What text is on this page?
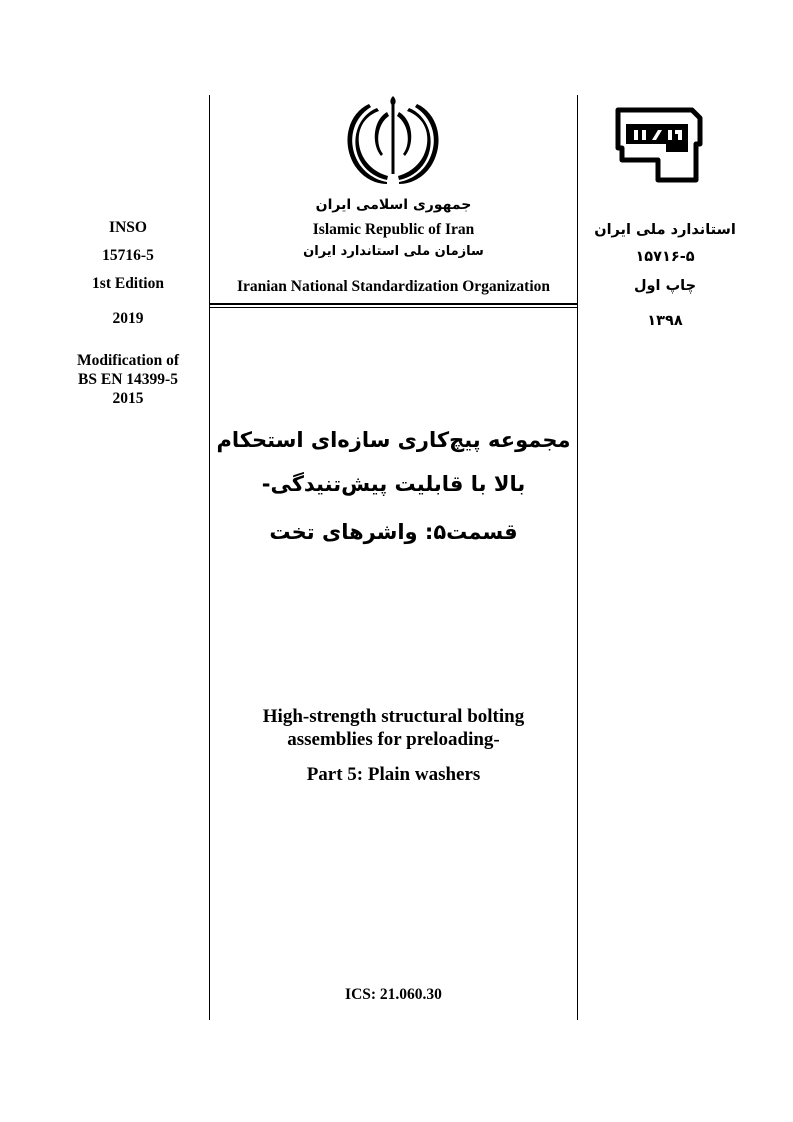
INSO
15716-5
1st Edition
2019
Modification of
BS EN 14399-5
2015
استاندارد ملی ایران
۱۵۷۱۶-۵
چاپ اول
۱۳۹۸
جمهوری اسلامی ایران
Islamic Republic of Iran
سازمان ملی استاندارد ایران
Iranian National Standardization Organization
مجموعه پیچ‌کاری سازه‌ای استحکام
بالا با قابلیت پیش‌تنیدگی-
قسمت۵: واشرهای تخت
High-strength structural bolting
assemblies for preloading-
Part 5: Plain washers
ICS: 21.060.30
